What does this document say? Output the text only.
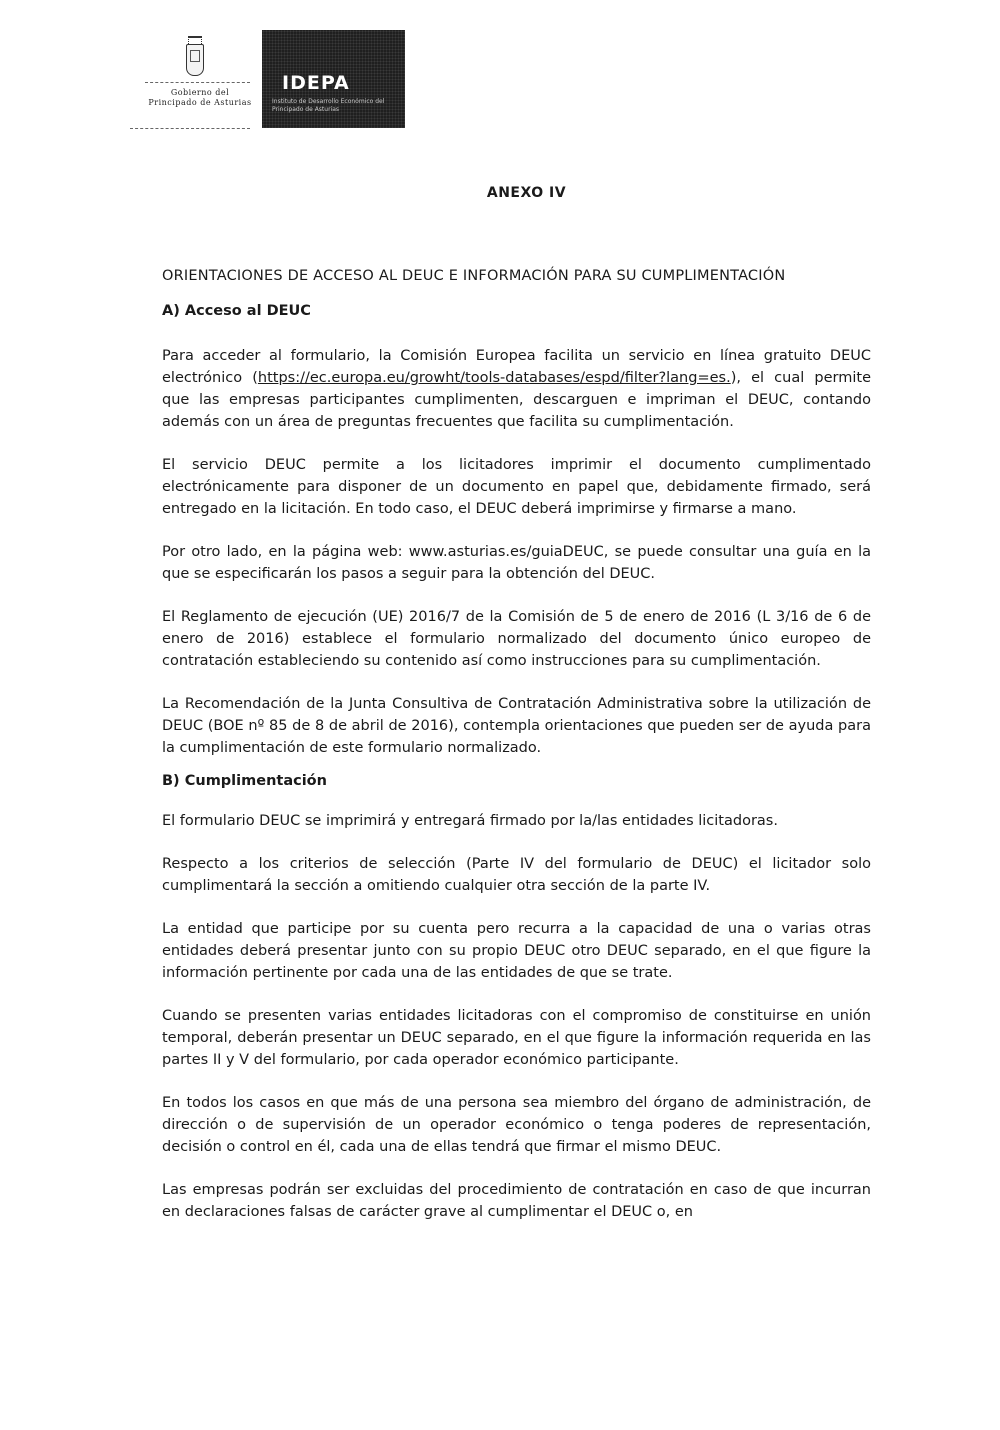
Gobierno del
Principado de Asturias
IDEPA
Instituto de Desarrollo Económico del Principado de Asturias

ANEXO IV

ORIENTACIONES DE ACCESO AL DEUC E INFORMACIÓN PARA SU CUMPLIMENTACIÓN

A) Acceso al DEUC

Para acceder al formulario, la Comisión Europea facilita un servicio en línea gratuito DEUC electrónico (https://ec.europa.eu/growht/tools-databases/espd/filter?lang=es.), el cual permite que las empresas participantes cumplimenten, descarguen e impriman el DEUC, contando además con un área de preguntas frecuentes que facilita su cumplimentación.

El servicio DEUC permite a los licitadores imprimir el documento cumplimentado electrónicamente para disponer de un documento en papel que, debidamente firmado, será entregado en la licitación. En todo caso, el DEUC deberá imprimirse y firmarse a mano.

Por otro lado, en la página web: www.asturias.es/guiaDEUC, se puede consultar una guía en la que se especificarán los pasos a seguir para la obtención del DEUC.

El Reglamento de ejecución (UE) 2016/7 de la Comisión de 5 de enero de 2016 (L 3/16 de 6 de enero de 2016) establece el formulario normalizado del documento único europeo de contratación estableciendo su contenido así como instrucciones para su cumplimentación.

La Recomendación de la Junta Consultiva de Contratación Administrativa sobre la utilización de DEUC (BOE nº 85 de 8 de abril de 2016), contempla orientaciones que pueden ser de ayuda para la cumplimentación de este formulario normalizado.

B) Cumplimentación

El formulario DEUC se imprimirá y entregará firmado por la/las entidades licitadoras.

Respecto a los criterios de selección (Parte IV del formulario de DEUC) el licitador solo cumplimentará la sección a omitiendo cualquier otra sección de la parte IV.

La entidad que participe por su cuenta pero recurra a la capacidad de una o varias otras entidades deberá presentar junto con su propio DEUC otro DEUC separado, en el que figure la información pertinente por cada una de las entidades de que se trate.

Cuando se presenten varias entidades licitadoras con el compromiso de constituirse en unión temporal, deberán presentar un DEUC separado, en el que figure la información requerida en las partes II y V del formulario, por cada operador económico participante.

En todos los casos en que más de una persona sea miembro del órgano de administración, de dirección o de supervisión de un operador económico o tenga poderes de representación, decisión o control en él, cada una de ellas tendrá que firmar el mismo DEUC.

Las empresas podrán ser excluidas del procedimiento de contratación en caso de que incurran en declaraciones falsas de carácter grave al cumplimentar el DEUC o, en
